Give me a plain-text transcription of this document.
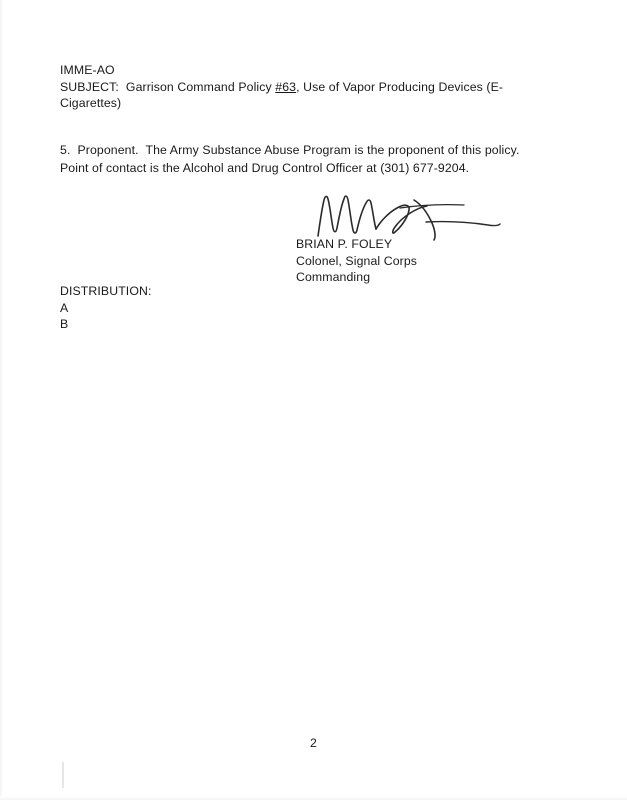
IMME-AO
SUBJECT:  Garrison Command Policy #63, Use of Vapor Producing Devices (E-
Cigarettes)
5.  Proponent.  The Army Substance Abuse Program is the proponent of this policy.
Point of contact is the Alcohol and Drug Control Officer at (301) 677-9204.
BRIAN P. FOLEY
Colonel, Signal Corps
Commanding
DISTRIBUTION:
A
B
2
